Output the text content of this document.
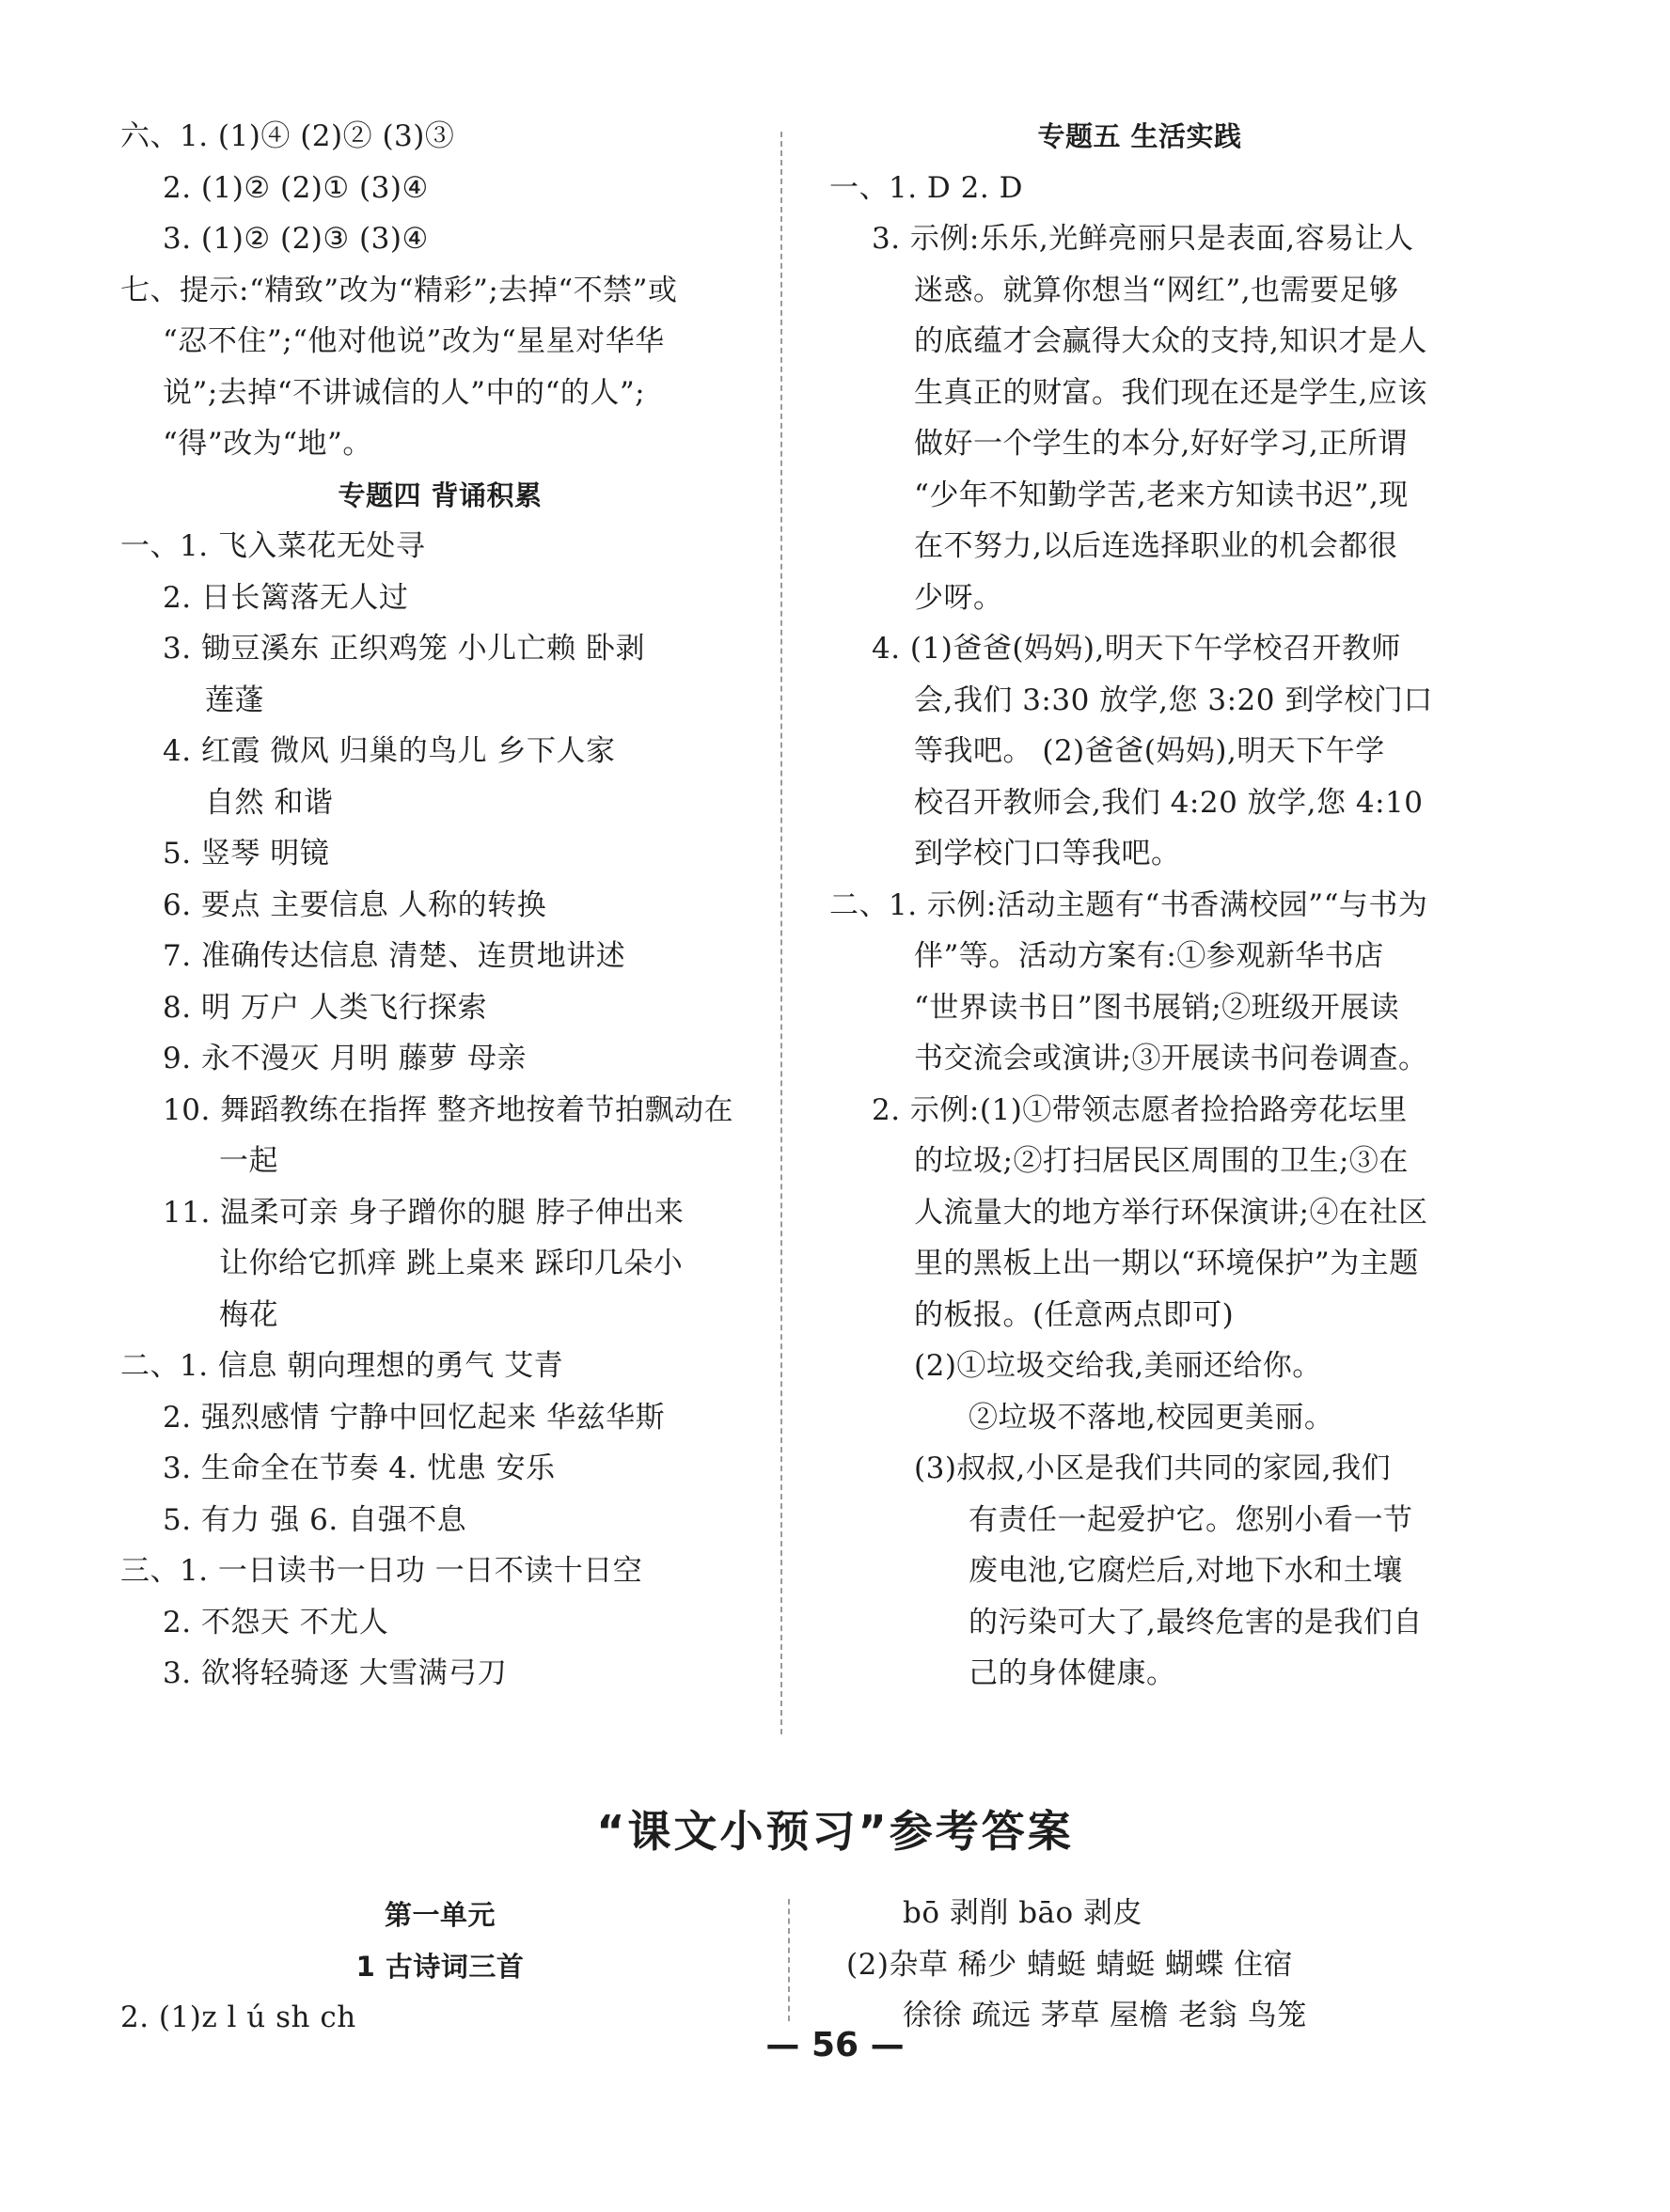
六、1. (1)④ (2)② (3)③
2. (1)② (2)① (3)④
3. (1)② (2)③ (3)④
七、提示:“精致”改为“精彩”;去掉“不禁”或
“忍不住”;“他对他说”改为“星星对华华
说”;去掉“不讲诚信的人”中的“的人”;
“得”改为“地”。
专题四 背诵积累
一、1. 飞入菜花无处寻
2. 日长篱落无人过
3. 锄豆溪东 正织鸡笼 小儿亡赖 卧剥
莲蓬
4. 红霞 微风 归巢的鸟儿 乡下人家
自然 和谐
5. 竖琴 明镜
6. 要点 主要信息 人称的转换
7. 准确传达信息 清楚、连贯地讲述
8. 明 万户 人类飞行探索
9. 永不漫灭 月明 藤萝 母亲
10. 舞蹈教练在指挥 整齐地按着节拍飘动在
一起
11. 温柔可亲 身子蹭你的腿 脖子伸出来
让你给它抓痒 跳上桌来 踩印几朵小
梅花
二、1. 信息 朝向理想的勇气 艾青
2. 强烈感情 宁静中回忆起来 华兹华斯
3. 生命全在节奏 4. 忧患 安乐
5. 有力 强 6. 自强不息
三、1. 一日读书一日功 一日不读十日空
2. 不怨天 不尤人
3. 欲将轻骑逐 大雪满弓刀
专题五 生活实践
一、1. D 2. D
3. 示例:乐乐,光鲜亮丽只是表面,容易让人
迷惑。就算你想当“网红”,也需要足够
的底蕴才会赢得大众的支持,知识才是人
生真正的财富。我们现在还是学生,应该
做好一个学生的本分,好好学习,正所谓
“少年不知勤学苦,老来方知读书迟”,现
在不努力,以后连选择职业的机会都很
少呀。
4. (1)爸爸(妈妈),明天下午学校召开教师
会,我们 3:30 放学,您 3:20 到学校门口
等我吧。 (2)爸爸(妈妈),明天下午学
校召开教师会,我们 4:20 放学,您 4:10
到学校门口等我吧。
二、1. 示例:活动主题有“书香满校园”“与书为
伴”等。活动方案有:①参观新华书店
“世界读书日”图书展销;②班级开展读
书交流会或演讲;③开展读书问卷调查。
2. 示例:(1)①带领志愿者捡拾路旁花坛里
的垃圾;②打扫居民区周围的卫生;③在
人流量大的地方举行环保演讲;④在社区
里的黑板上出一期以“环境保护”为主题
的板报。(任意两点即可)
(2)①垃圾交给我,美丽还给你。
②垃圾不落地,校园更美丽。
(3)叔叔,小区是我们共同的家园,我们
有责任一起爱护它。您别小看一节
废电池,它腐烂后,对地下水和土壤
的污染可大了,最终危害的是我们自
己的身体健康。
“课文小预习”参考答案
第一单元
1 古诗词三首
2. (1)z l ú sh ch
bō 剥削 bāo 剥皮
(2)杂草 稀少 蜻蜓 蜻蜓 蝴蝶 住宿
徐徐 疏远 茅草 屋檐 老翁 鸟笼
— 56 —
